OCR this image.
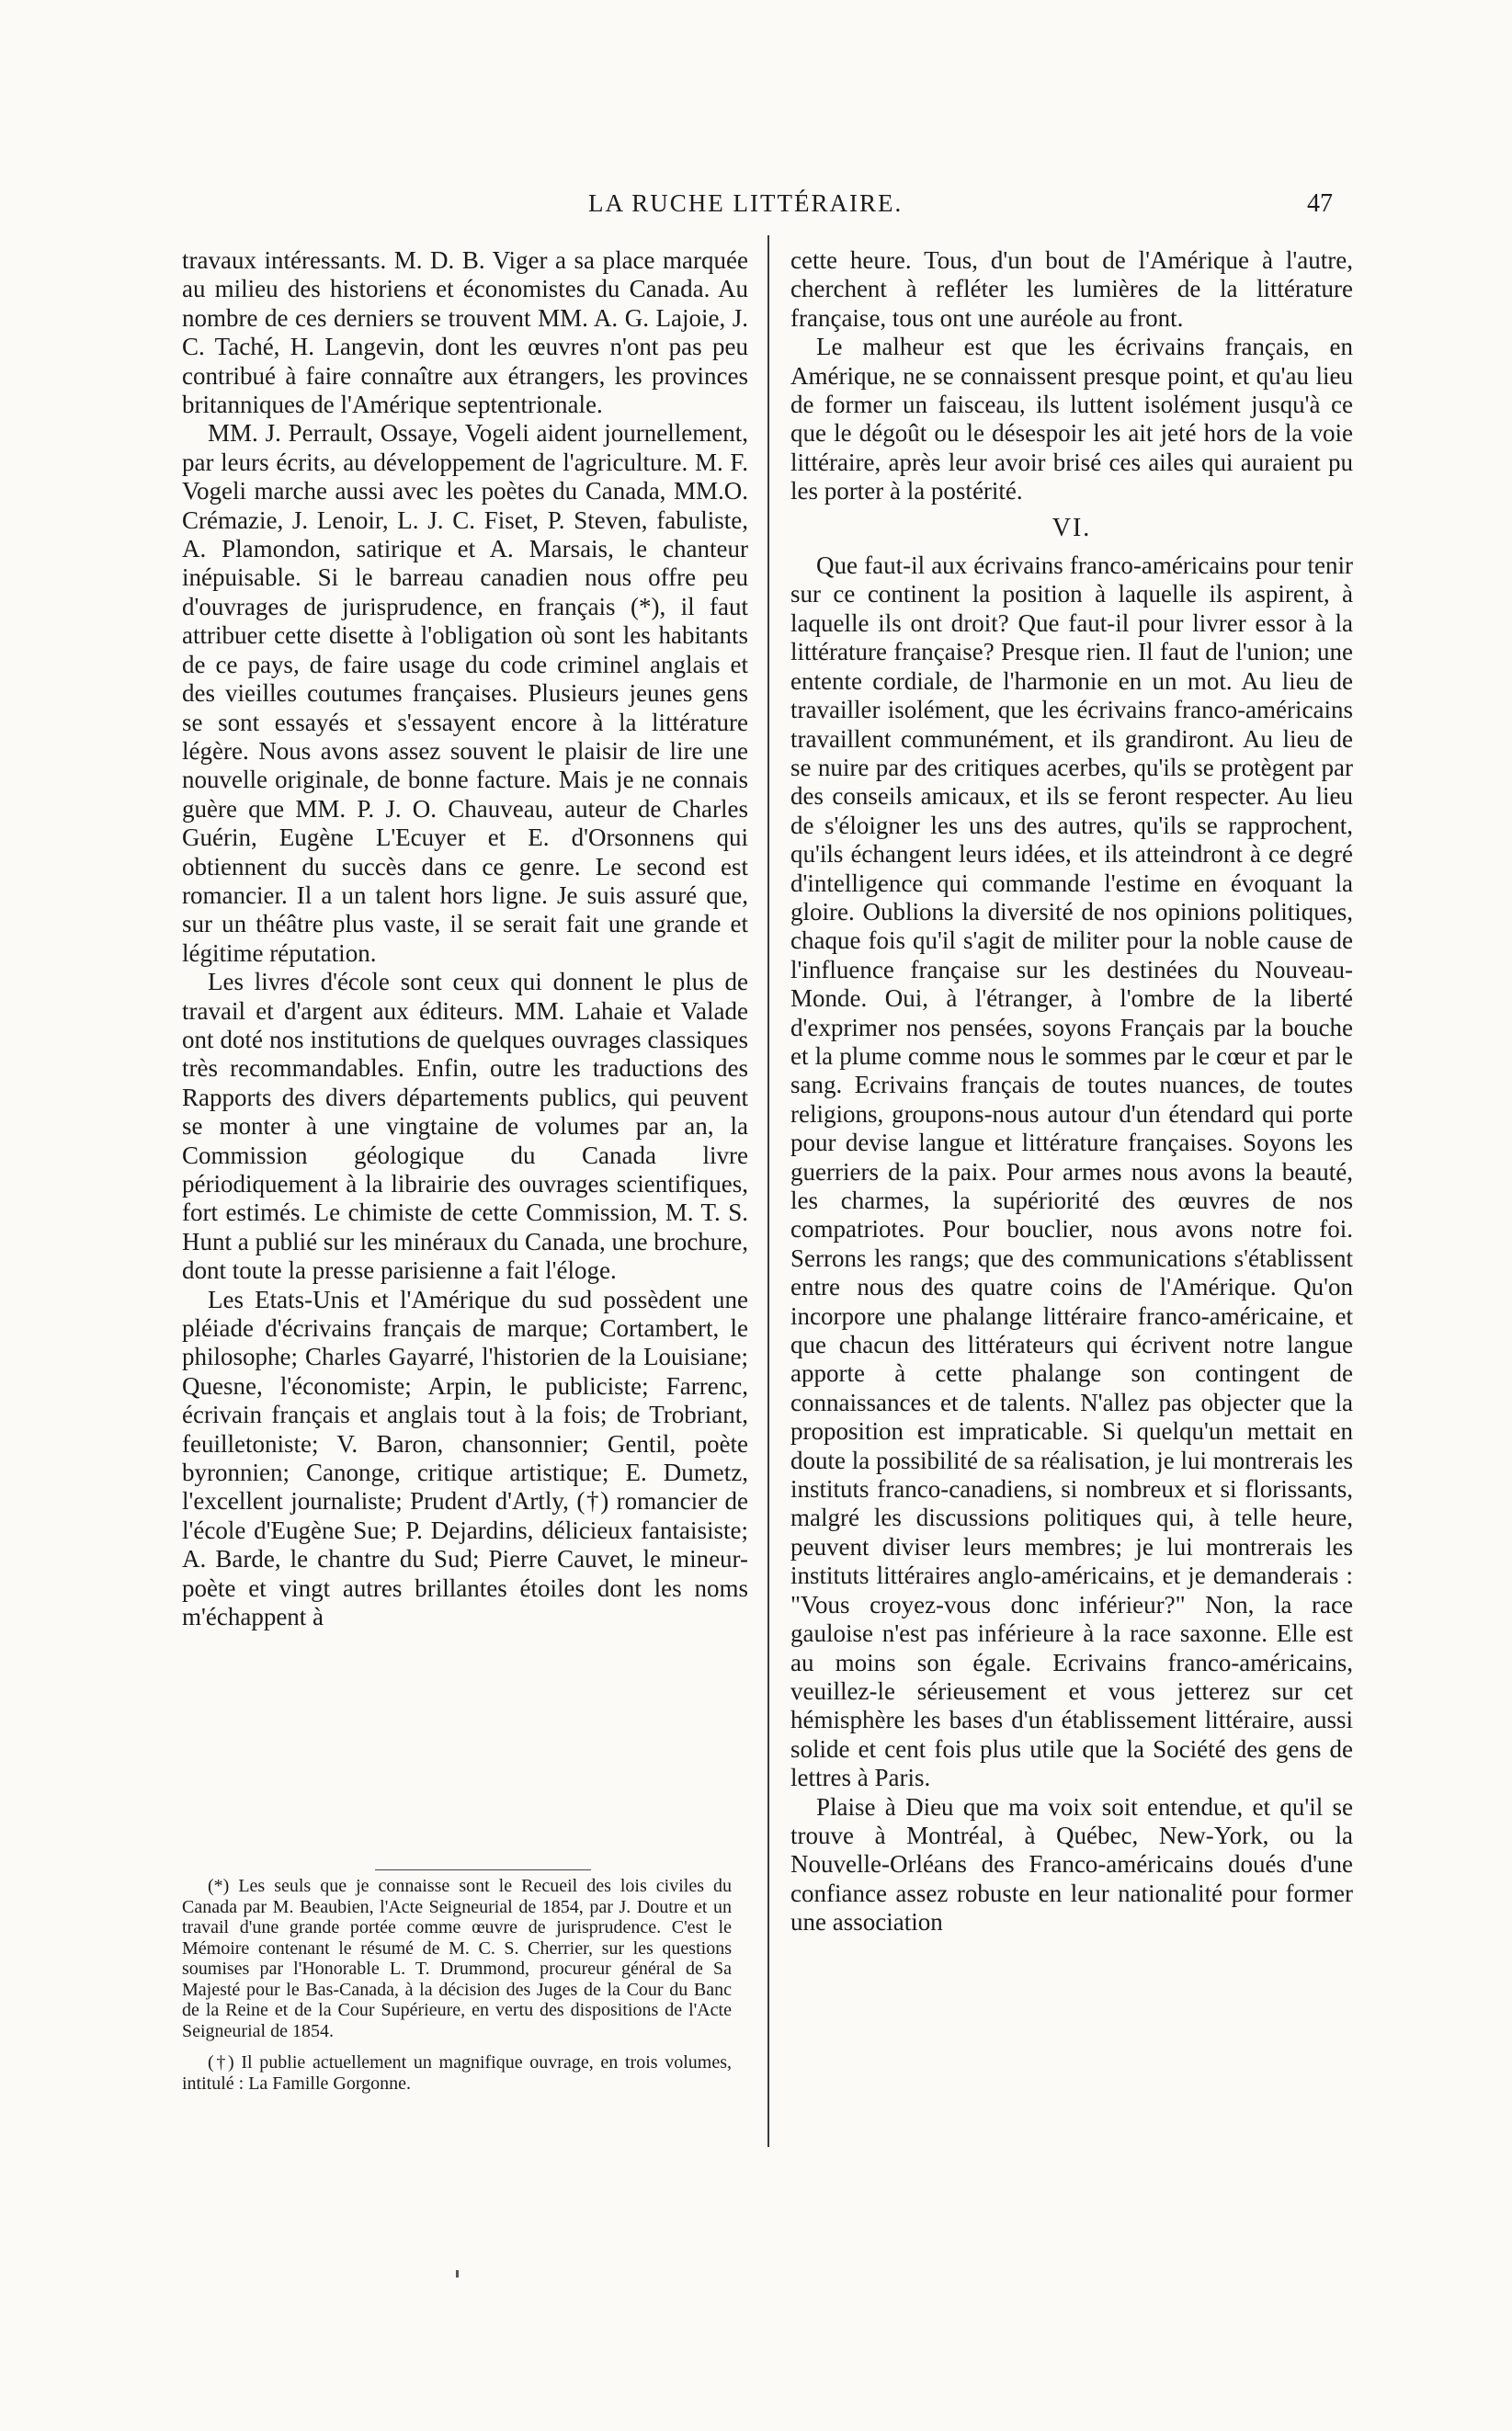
LA RUCHE LITTÉRAIRE.	47

travaux intéressants. M. D. B. Viger a sa place marquée au milieu des historiens et économistes du Canada. Au nombre de ces derniers se trouvent MM. A. G. Lajoie, J. C. Taché, H. Langevin, dont les œuvres n'ont pas peu contribué à faire connaître aux étrangers, les provinces britanniques de l'Amérique septentrionale.

MM. J. Perrault, Ossaye, Vogeli aident journellement, par leurs écrits, au développement de l'agriculture. M. F. Vogeli marche aussi avec les poètes du Canada, MM.O. Crémazie, J. Lenoir, L. J. C. Fiset, P. Steven, fabuliste, A. Plamondon, satirique et A. Marsais, le chanteur inépuisable. Si le barreau canadien nous offre peu d'ouvrages de jurisprudence, en français (*), il faut attribuer cette disette à l'obligation où sont les habitants de ce pays, de faire usage du code criminel anglais et des vieilles coutumes françaises. Plusieurs jeunes gens se sont essayés et s'essayent encore à la littérature légère. Nous avons assez souvent le plaisir de lire une nouvelle originale, de bonne facture. Mais je ne connais guère que MM. P. J. O. Chauveau, auteur de Charles Guérin, Eugène L'Ecuyer et E. d'Orsonnens qui obtiennent du succès dans ce genre. Le second est romancier. Il a un talent hors ligne. Je suis assuré que, sur un théâtre plus vaste, il se serait fait une grande et légitime réputation.

Les livres d'école sont ceux qui donnent le plus de travail et d'argent aux éditeurs. MM. Lahaie et Valade ont doté nos institutions de quelques ouvrages classiques très recommandables. Enfin, outre les traductions des Rapports des divers départements publics, qui peuvent se monter à une vingtaine de volumes par an, la Commission géologique du Canada livre périodiquement à la librairie des ouvrages scientifiques, fort estimés. Le chimiste de cette Commission, M. T. S. Hunt a publié sur les minéraux du Canada, une brochure, dont toute la presse parisienne a fait l'éloge.

Les Etats-Unis et l'Amérique du sud possèdent une pléiade d'écrivains français de marque; Cortambert, le philosophe; Charles Gayarré, l'historien de la Louisiane; Quesne, l'économiste; Arpin, le publiciste; Farrenc, écrivain français et anglais tout à la fois; de Trobriant, feuilletoniste; V. Baron, chansonnier; Gentil, poète byronnien; Canonge, critique artistique; E. Dumetz, l'excellent journaliste; Prudent d'Artly, (†) romancier de l'école d'Eugène Sue; P. Dejardins, délicieux fantaisiste; A. Barde, le chantre du Sud; Pierre Cauvet, le mineur-poète et vingt autres brillantes étoiles dont les noms m'échappent à

(*) Les seuls que je connaisse sont le Recueil des lois civiles du Canada par M. Beaubien, l'Acte Seigneurial de 1854, par J. Doutre et un travail d'une grande portée comme œuvre de jurisprudence. C'est le Mémoire contenant le résumé de M. C. S. Cherrier, sur les questions soumises par l'Honorable L. T. Drummond, procureur général de Sa Majesté pour le Bas-Canada, à la décision des Juges de la Cour du Banc de la Reine et de la Cour Supérieure, en vertu des dispositions de l'Acte Seigneurial de 1854.

(†) Il publie actuellement un magnifique ouvrage, en trois volumes, intitulé : La Famille Gorgonne.

cette heure. Tous, d'un bout de l'Amérique à l'autre, cherchent à refléter les lumières de la littérature française, tous ont une auréole au front.

Le malheur est que les écrivains français, en Amérique, ne se connaissent presque point, et qu'au lieu de former un faisceau, ils luttent isolément jusqu'à ce que le dégoût ou le désespoir les ait jeté hors de la voie littéraire, après leur avoir brisé ces ailes qui auraient pu les porter à la postérité.

VI.

Que faut-il aux écrivains franco-américains pour tenir sur ce continent la position à laquelle ils aspirent, à laquelle ils ont droit? Que faut-il pour livrer essor à la littérature française? Presque rien. Il faut de l'union; une entente cordiale, de l'harmonie en un mot. Au lieu de travailler isolément, que les écrivains franco-américains travaillent communément, et ils grandiront. Au lieu de se nuire par des critiques acerbes, qu'ils se protègent par des conseils amicaux, et ils se feront respecter. Au lieu de s'éloigner les uns des autres, qu'ils se rapprochent, qu'ils échangent leurs idées, et ils atteindront à ce degré d'intelligence qui commande l'estime en évoquant la gloire. Oublions la diversité de nos opinions politiques, chaque fois qu'il s'agit de militer pour la noble cause de l'influence française sur les destinées du Nouveau-Monde. Oui, à l'étranger, à l'ombre de la liberté d'exprimer nos pensées, soyons Français par la bouche et la plume comme nous le sommes par le cœur et par le sang. Ecrivains français de toutes nuances, de toutes religions, groupons-nous autour d'un étendard qui porte pour devise langue et littérature françaises. Soyons les guerriers de la paix. Pour armes nous avons la beauté, les charmes, la supériorité des œuvres de nos compatriotes. Pour bouclier, nous avons notre foi. Serrons les rangs; que des communications s'établissent entre nous des quatre coins de l'Amérique. Qu'on incorpore une phalange littéraire franco-américaine, et que chacun des littérateurs qui écrivent notre langue apporte à cette phalange son contingent de connaissances et de talents. N'allez pas objecter que la proposition est impraticable. Si quelqu'un mettait en doute la possibilité de sa réalisation, je lui montrerais les instituts franco-canadiens, si nombreux et si florissants, malgré les discussions politiques qui, à telle heure, peuvent diviser leurs membres; je lui montrerais les instituts littéraires anglo-américains, et je demanderais : "Vous croyez-vous donc inférieur?" Non, la race gauloise n'est pas inférieure à la race saxonne. Elle est au moins son égale. Ecrivains franco-américains, veuillez-le sérieusement et vous jetterez sur cet hémisphère les bases d'un établissement littéraire, aussi solide et cent fois plus utile que la Société des gens de lettres à Paris.

Plaise à Dieu que ma voix soit entendue, et qu'il se trouve à Montréal, à Québec, New-York, ou la Nouvelle-Orléans des Franco-américains doués d'une confiance assez robuste en leur nationalité pour former une association
